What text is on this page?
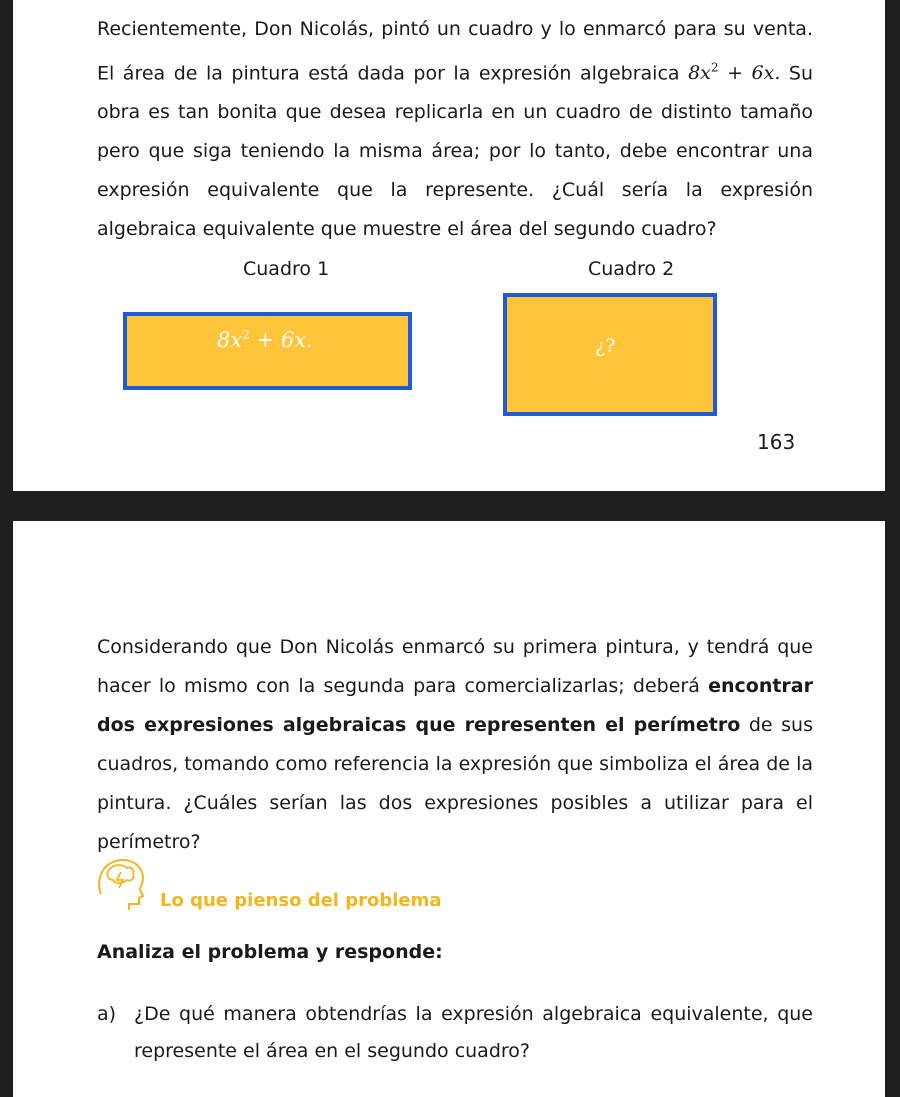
Recientemente, Don Nicolás, pintó un cuadro y lo enmarcó para su venta. El área de la pintura está dada por la expresión algebraica $8x^2 + 6x$. Su obra es tan bonita que desea replicarla en un cuadro de distinto tamaño pero que siga teniendo la misma área; por lo tanto, debe encontrar una expresión equivalente que la represente. ¿Cuál sería la expresión algebraica equivalente que muestre el área del segundo cuadro?

Cuadro 1	Cuadro 2
$8x^2 + 6x$.	¿?
163

Considerando que Don Nicolás enmarcó su primera pintura, y tendrá que hacer lo mismo con la segunda para comercializarlas; deberá encontrar dos expresiones algebraicas que representen el perímetro de sus cuadros, tomando como referencia la expresión que simboliza el área de la pintura. ¿Cuáles serían las dos expresiones posibles a utilizar para el perímetro?

Lo que pienso del problema
Analiza el problema y responde:
a) ¿De qué manera obtendrías la expresión algebraica equivalente, que represente el área en el segundo cuadro?
